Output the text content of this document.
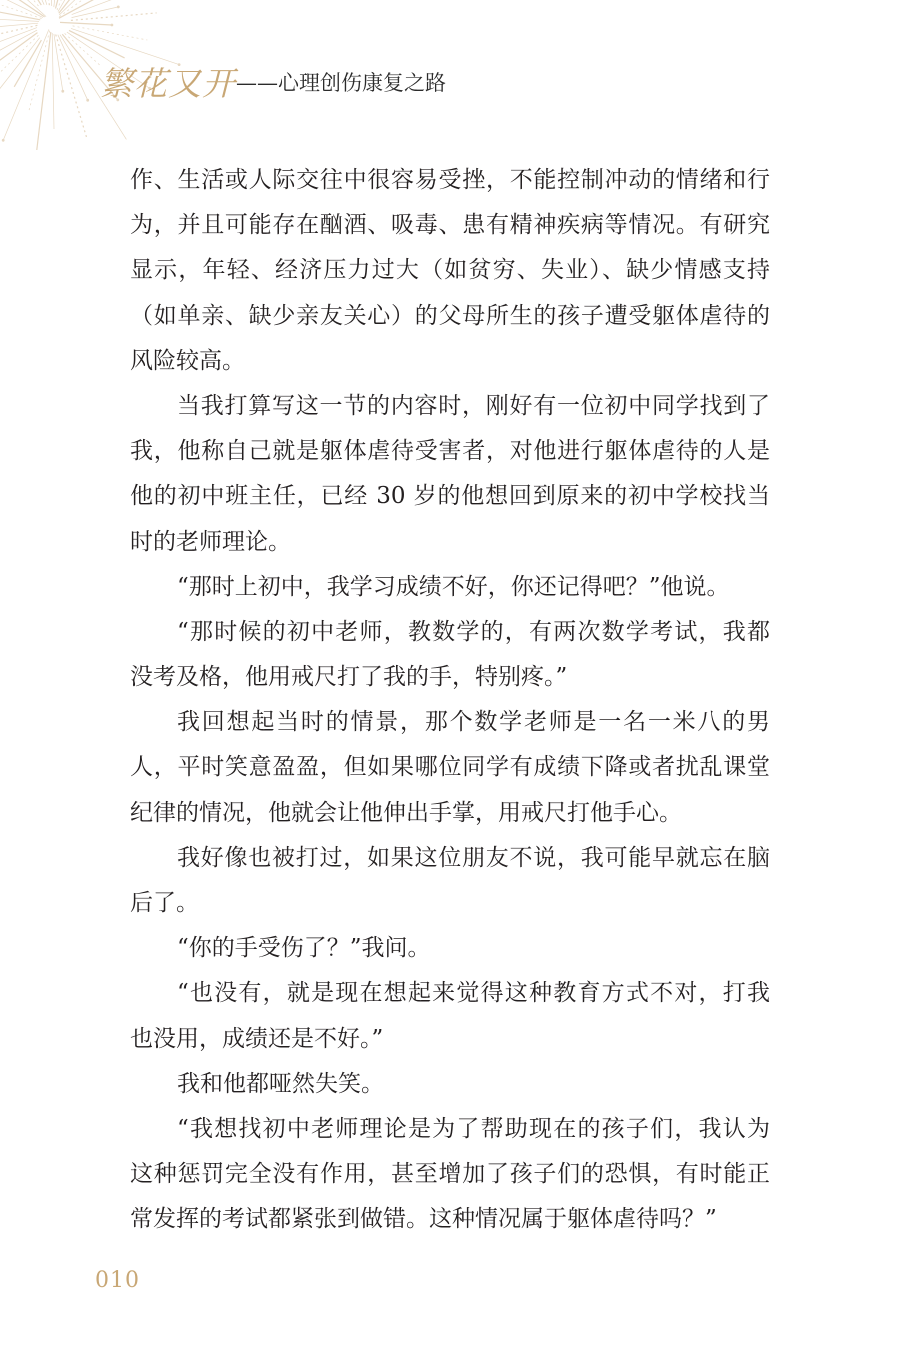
繁花又开——心理创伤康复之路
作、生活或人际交往中很容易受挫，不能控制冲动的情绪和行
为，并且可能存在酗酒、吸毒、患有精神疾病等情况。有研究
显示，年轻、经济压力过大（如贫穷、失业）、缺少情感支持
（如单亲、缺少亲友关心）的父母所生的孩子遭受躯体虐待的
风险较高。
当我打算写这一节的内容时，刚好有一位初中同学找到了
我，他称自己就是躯体虐待受害者，对他进行躯体虐待的人是
他的初中班主任，已经 30 岁的他想回到原来的初中学校找当
时的老师理论。
“那时上初中，我学习成绩不好，你还记得吧？”他说。
“那时候的初中老师，教数学的，有两次数学考试，我都
没考及格，他用戒尺打了我的手，特别疼。”
我回想起当时的情景，那个数学老师是一名一米八的男
人，平时笑意盈盈，但如果哪位同学有成绩下降或者扰乱课堂
纪律的情况，他就会让他伸出手掌，用戒尺打他手心。
我好像也被打过，如果这位朋友不说，我可能早就忘在脑
后了。
“你的手受伤了？”我问。
“也没有，就是现在想起来觉得这种教育方式不对，打我
也没用，成绩还是不好。”
我和他都哑然失笑。
“我想找初中老师理论是为了帮助现在的孩子们，我认为
这种惩罚完全没有作用，甚至增加了孩子们的恐惧，有时能正
常发挥的考试都紧张到做错。这种情况属于躯体虐待吗？”
010
